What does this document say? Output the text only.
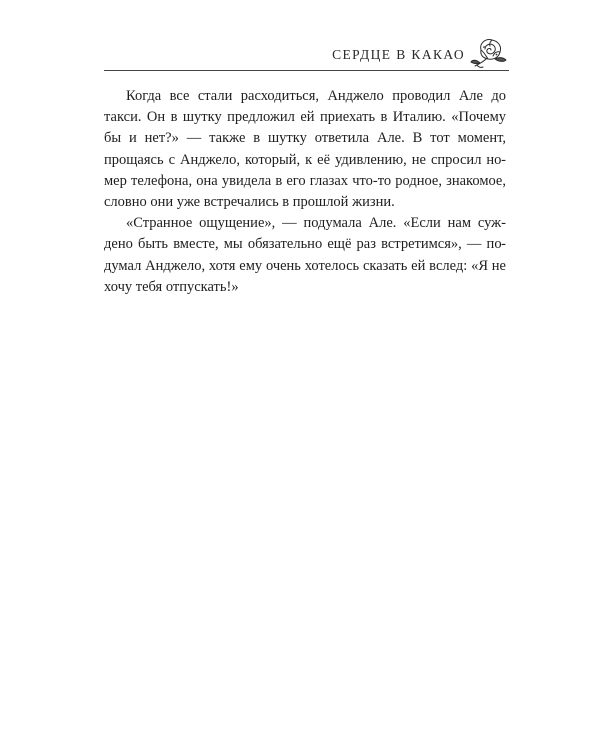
СЕРДЦЕ В КАКАО

Когда все стали расходиться, Анджело проводил Але до такси. Он в шутку предложил ей приехать в Италию. «Почему бы и нет?» — также в шутку ответила Але. В тот момент, прощаясь с Анджело, который, к её удивлению, не спросил номер телефона, она увидела в его глазах что-то родное, знакомое, словно они уже встречались в прошлой жизни.

«Странное ощущение», — подумала Але. «Если нам суждено быть вместе, мы обязательно ещё раз встретимся», — подумал Анджело, хотя ему очень хотелось сказать ей вслед: «Я не хочу тебя отпускать!»
